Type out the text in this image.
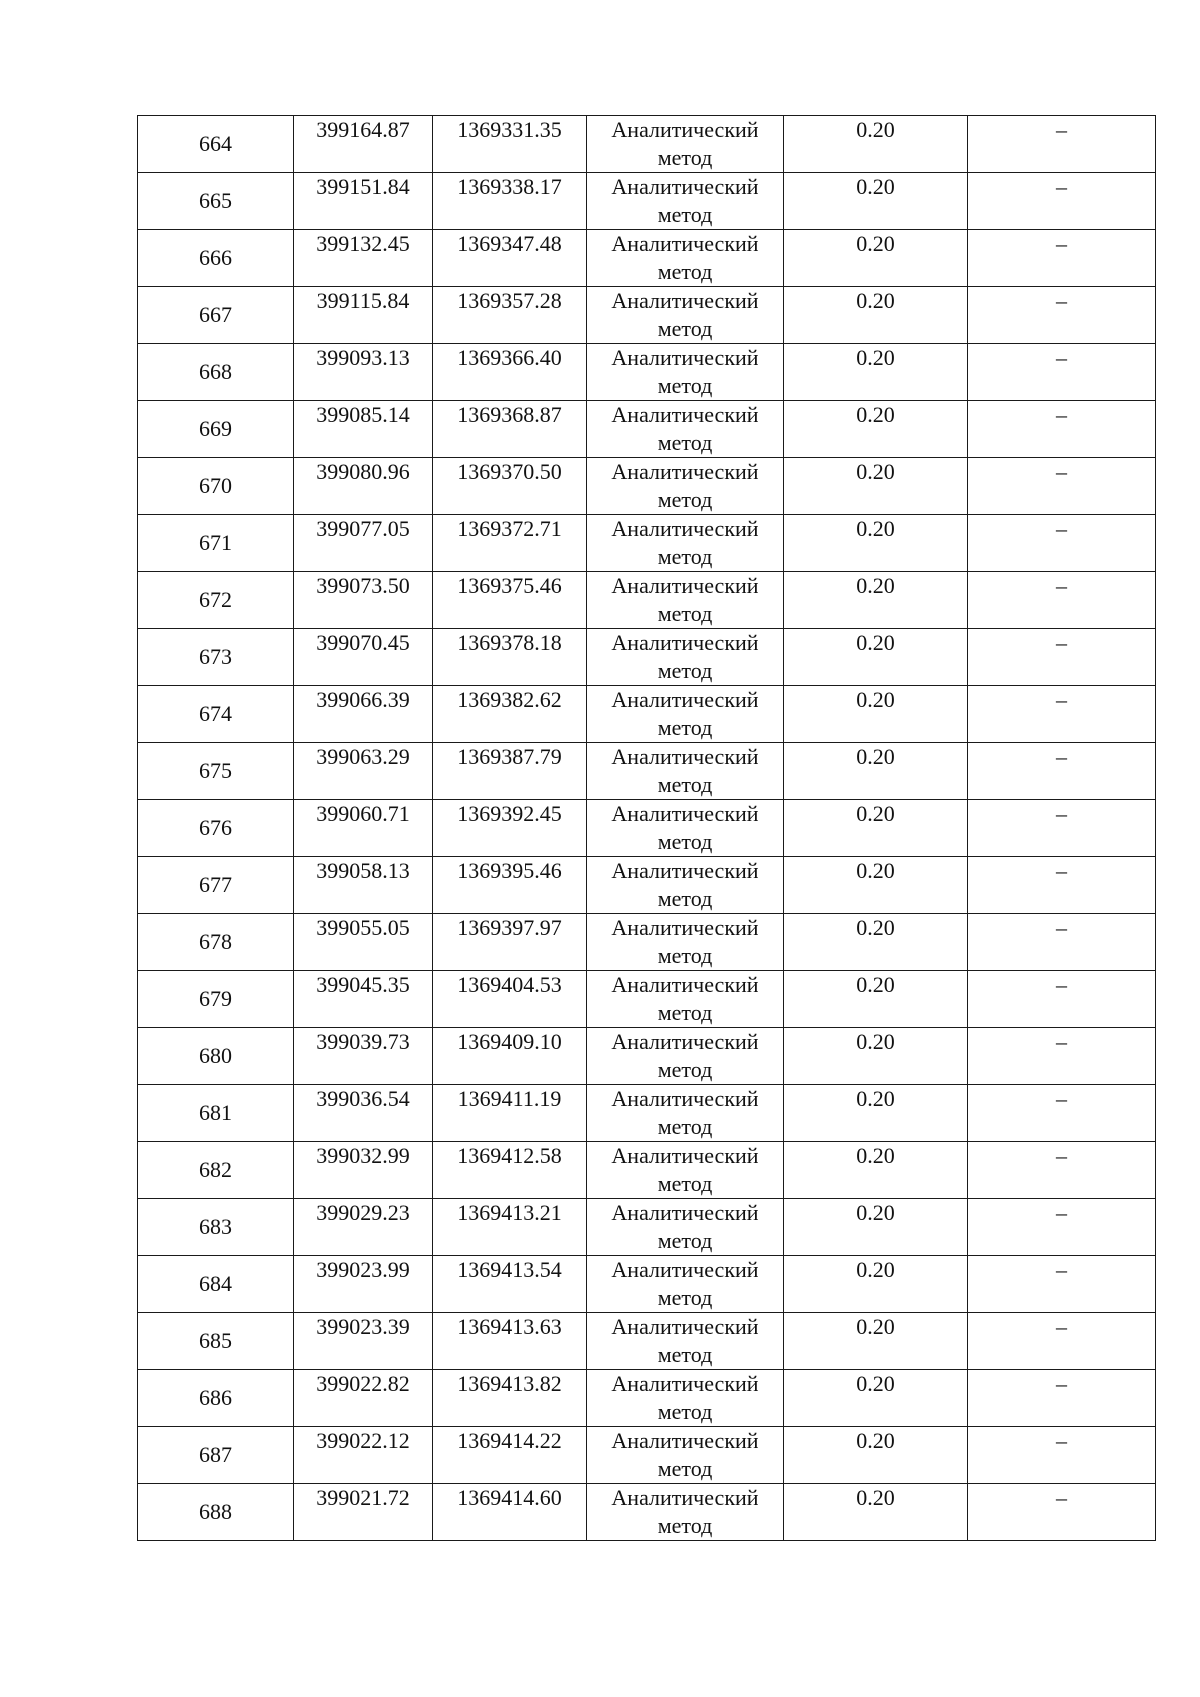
664	399164.87	1369331.35	Аналитический метод	0.20	–
665	399151.84	1369338.17	Аналитический метод	0.20	–
666	399132.45	1369347.48	Аналитический метод	0.20	–
667	399115.84	1369357.28	Аналитический метод	0.20	–
668	399093.13	1369366.40	Аналитический метод	0.20	–
669	399085.14	1369368.87	Аналитический метод	0.20	–
670	399080.96	1369370.50	Аналитический метод	0.20	–
671	399077.05	1369372.71	Аналитический метод	0.20	–
672	399073.50	1369375.46	Аналитический метод	0.20	–
673	399070.45	1369378.18	Аналитический метод	0.20	–
674	399066.39	1369382.62	Аналитический метод	0.20	–
675	399063.29	1369387.79	Аналитический метод	0.20	–
676	399060.71	1369392.45	Аналитический метод	0.20	–
677	399058.13	1369395.46	Аналитический метод	0.20	–
678	399055.05	1369397.97	Аналитический метод	0.20	–
679	399045.35	1369404.53	Аналитический метод	0.20	–
680	399039.73	1369409.10	Аналитический метод	0.20	–
681	399036.54	1369411.19	Аналитический метод	0.20	–
682	399032.99	1369412.58	Аналитический метод	0.20	–
683	399029.23	1369413.21	Аналитический метод	0.20	–
684	399023.99	1369413.54	Аналитический метод	0.20	–
685	399023.39	1369413.63	Аналитический метод	0.20	–
686	399022.82	1369413.82	Аналитический метод	0.20	–
687	399022.12	1369414.22	Аналитический метод	0.20	–
688	399021.72	1369414.60	Аналитический метод	0.20	–
